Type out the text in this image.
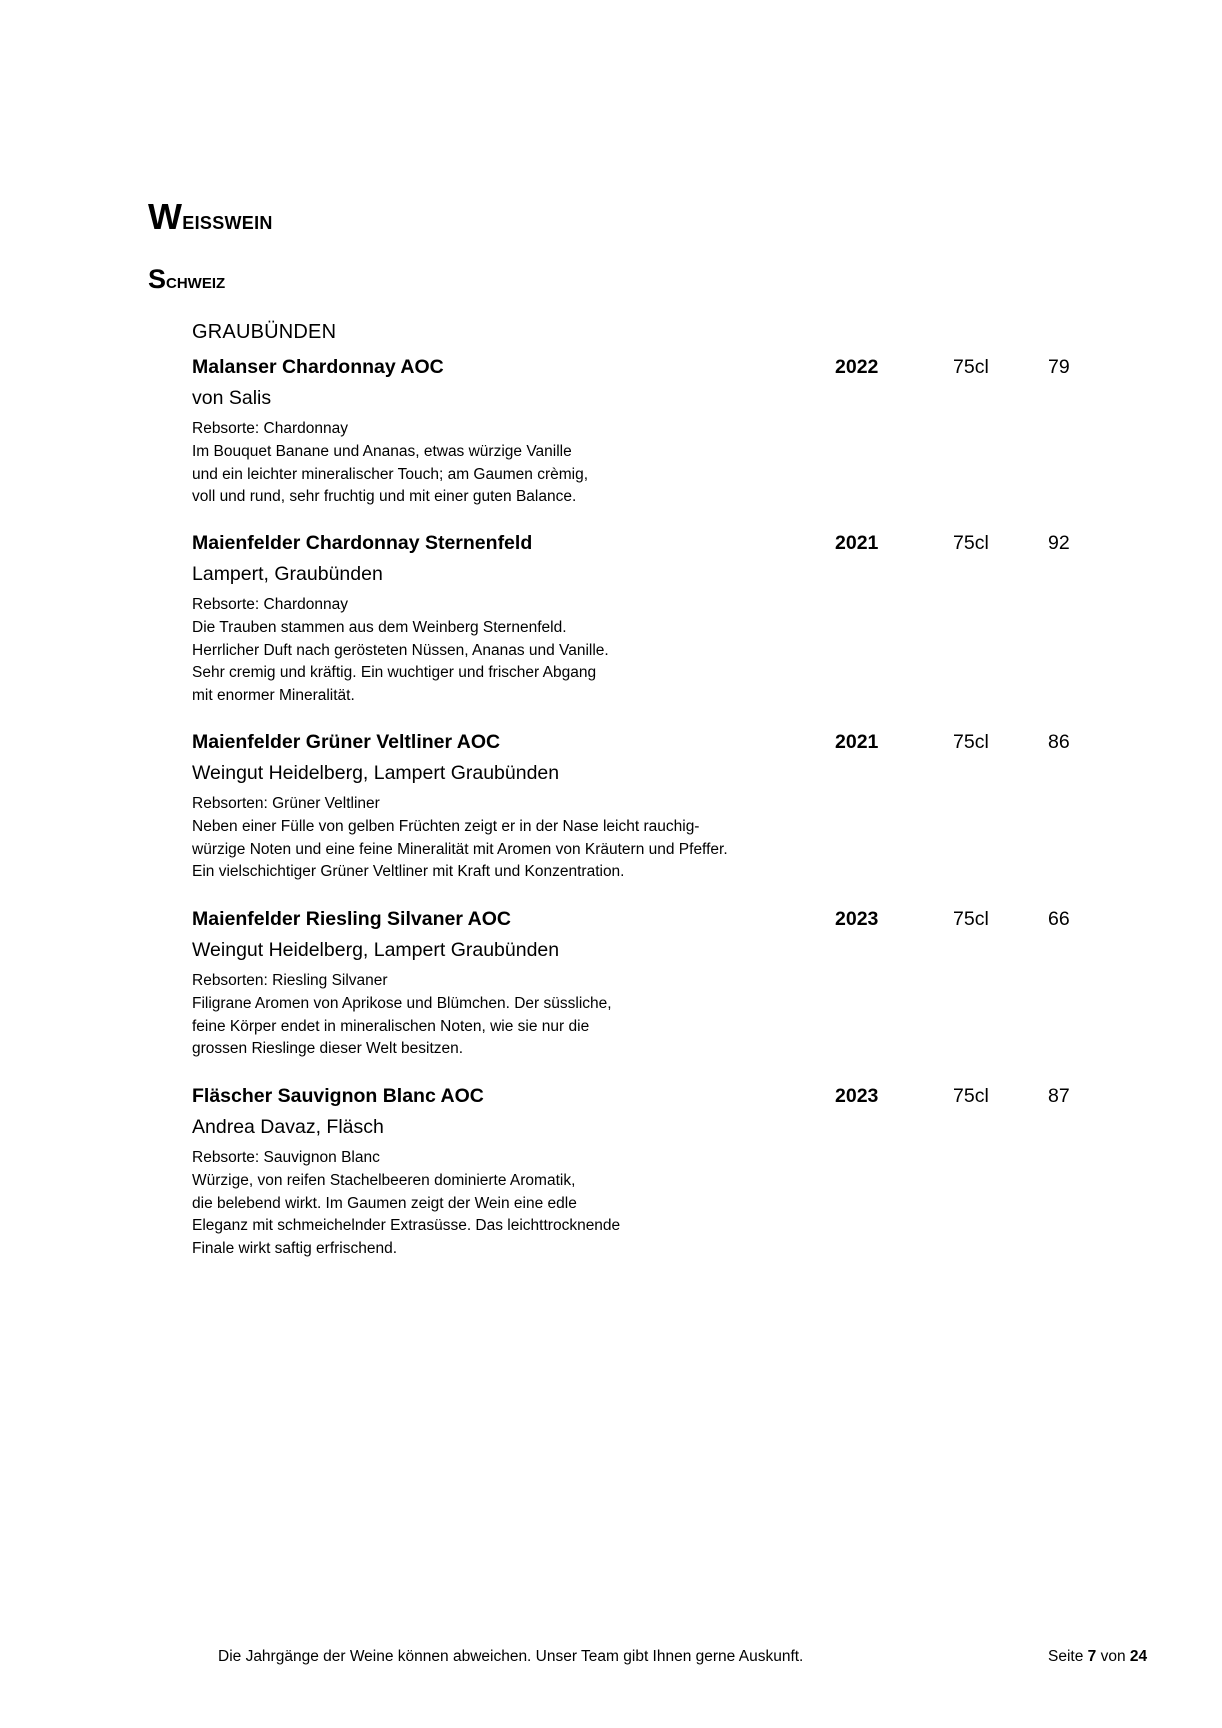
Weisswein
Schweiz
GRAUBÜNDEN
Malanser Chardonnay AOC	2022	75cl	79
von Salis
Rebsorte: Chardonnay
Im Bouquet Banane und Ananas, etwas würzige Vanille
und ein leichter mineralischer Touch; am Gaumen crèmig,
voll und rund, sehr fruchtig und mit einer guten Balance.
Maienfelder Chardonnay Sternenfeld	2021	75cl	92
Lampert, Graubünden
Rebsorte: Chardonnay
Die Trauben stammen aus dem Weinberg Sternenfeld.
Herrlicher Duft nach gerösteten Nüssen, Ananas und Vanille.
Sehr cremig und kräftig. Ein wuchtiger und frischer Abgang
mit enormer Mineralität.
Maienfelder Grüner Veltliner AOC	2021	75cl	86
Weingut Heidelberg, Lampert Graubünden
Rebsorten: Grüner Veltliner
Neben einer Fülle von gelben Früchten zeigt er in der Nase leicht rauchig-
würzige Noten und eine feine Mineralität mit Aromen von Kräutern und Pfeffer.
Ein vielschichtiger Grüner Veltliner mit Kraft und Konzentration.
Maienfelder Riesling Silvaner AOC	2023	75cl	66
Weingut Heidelberg, Lampert Graubünden
Rebsorten: Riesling Silvaner
Filigrane Aromen von Aprikose und Blümchen. Der süssliche,
feine Körper endet in mineralischen Noten, wie sie nur die
grossen Rieslinge dieser Welt besitzen.
Fläscher Sauvignon Blanc AOC	2023	75cl	87
Andrea Davaz, Fläsch
Rebsorte: Sauvignon Blanc
Würzige, von reifen Stachelbeeren dominierte Aromatik,
die belebend wirkt. Im Gaumen zeigt der Wein eine edle
Eleganz mit schmeichelnder Extrasüsse. Das leichttrocknende
Finale wirkt saftig erfrischend.
Die Jahrgänge der Weine können abweichen. Unser Team gibt Ihnen gerne Auskunft.	Seite 7 von 24
